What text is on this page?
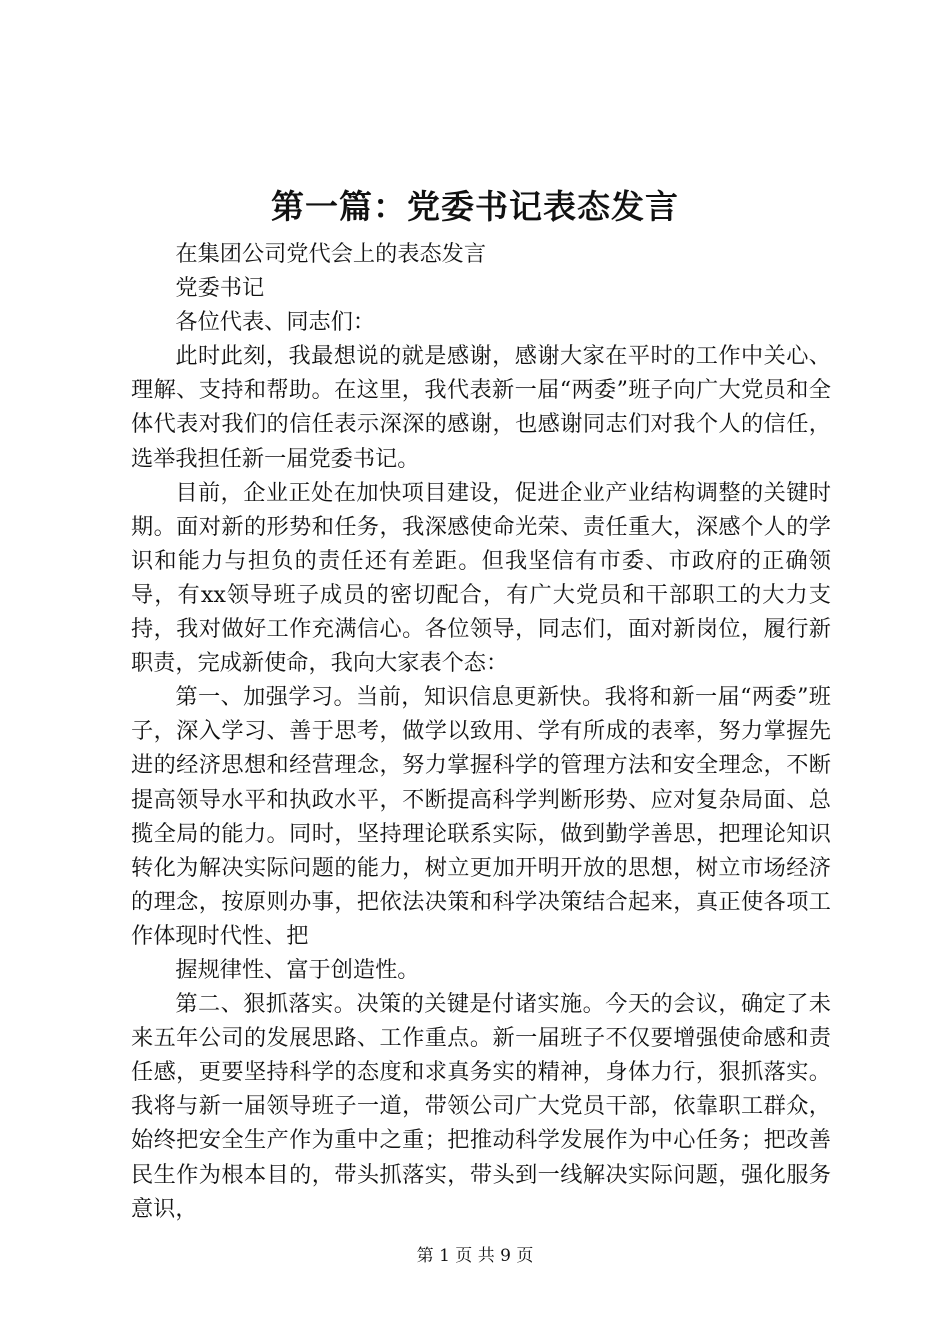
第一篇：党委书记表态发言

在集团公司党代会上的表态发言

党委书记

各位代表、同志们：

此时此刻，我最想说的就是感谢，感谢大家在平时的工作中关心、理解、支持和帮助。在这里，我代表新一届“两委”班子向广大党员和全体代表对我们的信任表示深深的感谢，也感谢同志们对我个人的信任，选举我担任新一届党委书记。

目前，企业正处在加快项目建设，促进企业产业结构调整的关键时期。面对新的形势和任务，我深感使命光荣、责任重大，深感个人的学识和能力与担负的责任还有差距。但我坚信有市委、市政府的正确领导，有xx领导班子成员的密切配合，有广大党员和干部职工的大力支持，我对做好工作充满信心。各位领导，同志们，面对新岗位，履行新职责，完成新使命，我向大家表个态：

第一、加强学习。当前，知识信息更新快。我将和新一届“两委”班子，深入学习、善于思考，做学以致用、学有所成的表率，努力掌握先进的经济思想和经营理念，努力掌握科学的管理方法和安全理念，不断提高领导水平和执政水平，不断提高科学判断形势、应对复杂局面、总揽全局的能力。同时，坚持理论联系实际，做到勤学善思，把理论知识转化为解决实际问题的能力，树立更加开明开放的思想，树立市场经济的理念，按原则办事，把依法决策和科学决策结合起来，真正使各项工作体现时代性、把

握规律性、富于创造性。

第二、狠抓落实。决策的关键是付诸实施。今天的会议，确定了未来五年公司的发展思路、工作重点。新一届班子不仅要增强使命感和责任感，更要坚持科学的态度和求真务实的精神，身体力行，狠抓落实。我将与新一届领导班子一道，带领公司广大党员干部，依靠职工群众，始终把安全生产作为重中之重；把推动科学发展作为中心任务；把改善民生作为根本目的，带头抓落实，带头到一线解决实际问题，强化服务意识，

第 1 页 共 9 页
